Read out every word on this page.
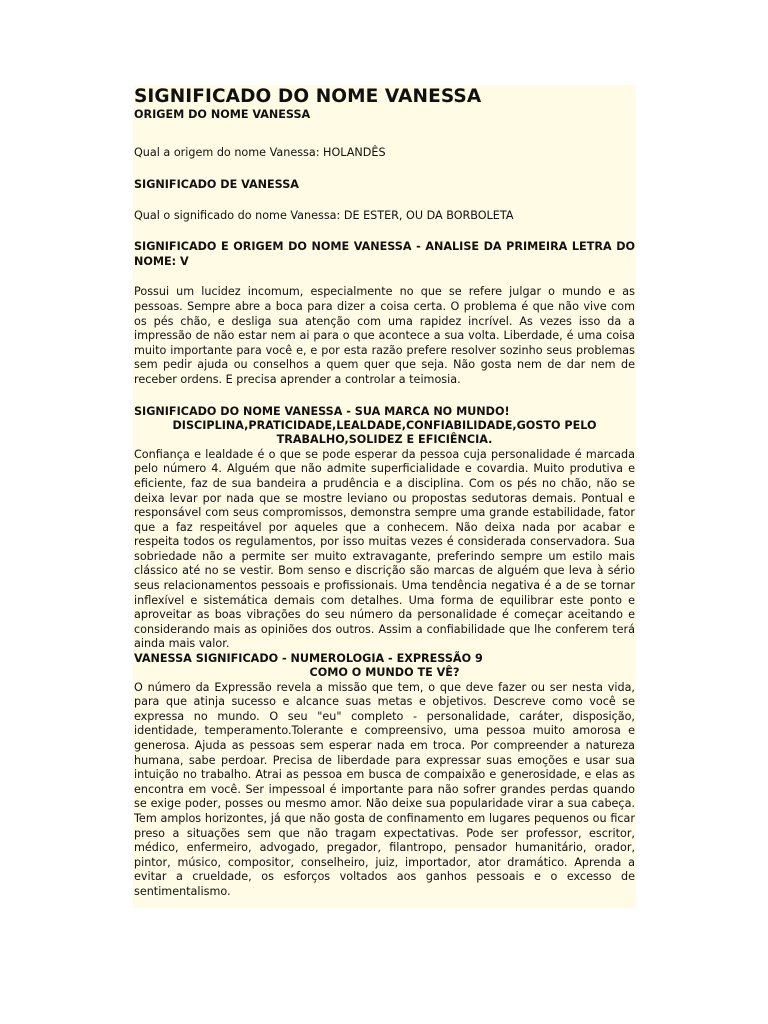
SIGNIFICADO DO NOME VANESSA

ORIGEM DO NOME VANESSA

Qual a origem do nome Vanessa: HOLANDÊS

SIGNIFICADO DE VANESSA

Qual o significado do nome Vanessa: DE ESTER, OU DA BORBOLETA

SIGNIFICADO E ORIGEM DO NOME VANESSA - ANALISE DA PRIMEIRA LETRA DO NOME: V

Possui um lucidez incomum, especialmente no que se refere julgar o mundo e as pessoas. Sempre abre a boca para dizer a coisa certa. O problema é que não vive com os pés chão, e desliga sua atenção com uma rapidez incrível. As vezes isso da a impressão de não estar nem ai para o que acontece a sua volta. Liberdade, é uma coisa muito importante para você e, e por esta razão prefere resolver sozinho seus problemas sem pedir ajuda ou conselhos a quem quer que seja. Não gosta nem de dar nem de receber ordens. E precisa aprender a controlar a teimosia.

SIGNIFICADO DO NOME VANESSA - SUA MARCA NO MUNDO!

DISCIPLINA,PRATICIDADE,LEALDADE,CONFIABILIDADE,GOSTO PELO TRABALHO,SOLIDEZ E EFICIÊNCIA.

Confiança e lealdade é o que se pode esperar da pessoa cuja personalidade é marcada pelo número 4. Alguém que não admite superficialidade e covardia. Muito produtiva e eficiente, faz de sua bandeira a prudência e a disciplina. Com os pés no chão, não se deixa levar por nada que se mostre leviano ou propostas sedutoras demais. Pontual e responsável com seus compromissos, demonstra sempre uma grande estabilidade, fator que a faz respeitável por aqueles que a conhecem. Não deixa nada por acabar e respeita todos os regulamentos, por isso muitas vezes é considerada conservadora. Sua sobriedade não a permite ser muito extravagante, preferindo sempre um estilo mais clássico até no se vestir. Bom senso e discrição são marcas de alguém que leva à sério seus relacionamentos pessoais e profissionais. Uma tendência negativa é a de se tornar inflexível e sistemática demais com detalhes. Uma forma de equilibrar este ponto e aproveitar as boas vibrações do seu número da personalidade é começar aceitando e considerando mais as opiniões dos outros. Assim a confiabilidade que lhe conferem terá ainda mais valor.

VANESSA SIGNIFICADO - NUMEROLOGIA - EXPRESSÃO 9

COMO O MUNDO TE VÊ?

O número da Expressão revela a missão que tem, o que deve fazer ou ser nesta vida, para que atinja sucesso e alcance suas metas e objetivos. Descreve como você se expressa no mundo. O seu "eu" completo - personalidade, caráter, disposição, identidade, temperamento.Tolerante e compreensivo, uma pessoa muito amorosa e generosa. Ajuda as pessoas sem esperar nada em troca. Por compreender a natureza humana, sabe perdoar. Precisa de liberdade para expressar suas emoções e usar sua intuição no trabalho. Atrai as pessoa em busca de compaixão e generosidade, e elas as encontra em você. Ser impessoal é importante para não sofrer grandes perdas quando se exige poder, posses ou mesmo amor. Não deixe sua popularidade virar a sua cabeça. Tem amplos horizontes, já que não gosta de confinamento em lugares pequenos ou ficar preso a situações sem que não tragam expectativas. Pode ser professor, escritor, médico, enfermeiro, advogado, pregador, filantropo, pensador humanitário, orador, pintor, músico, compositor, conselheiro, juiz, importador, ator dramático. Aprenda a evitar a crueldade, os esforços voltados aos ganhos pessoais e o excesso de sentimentalismo.
